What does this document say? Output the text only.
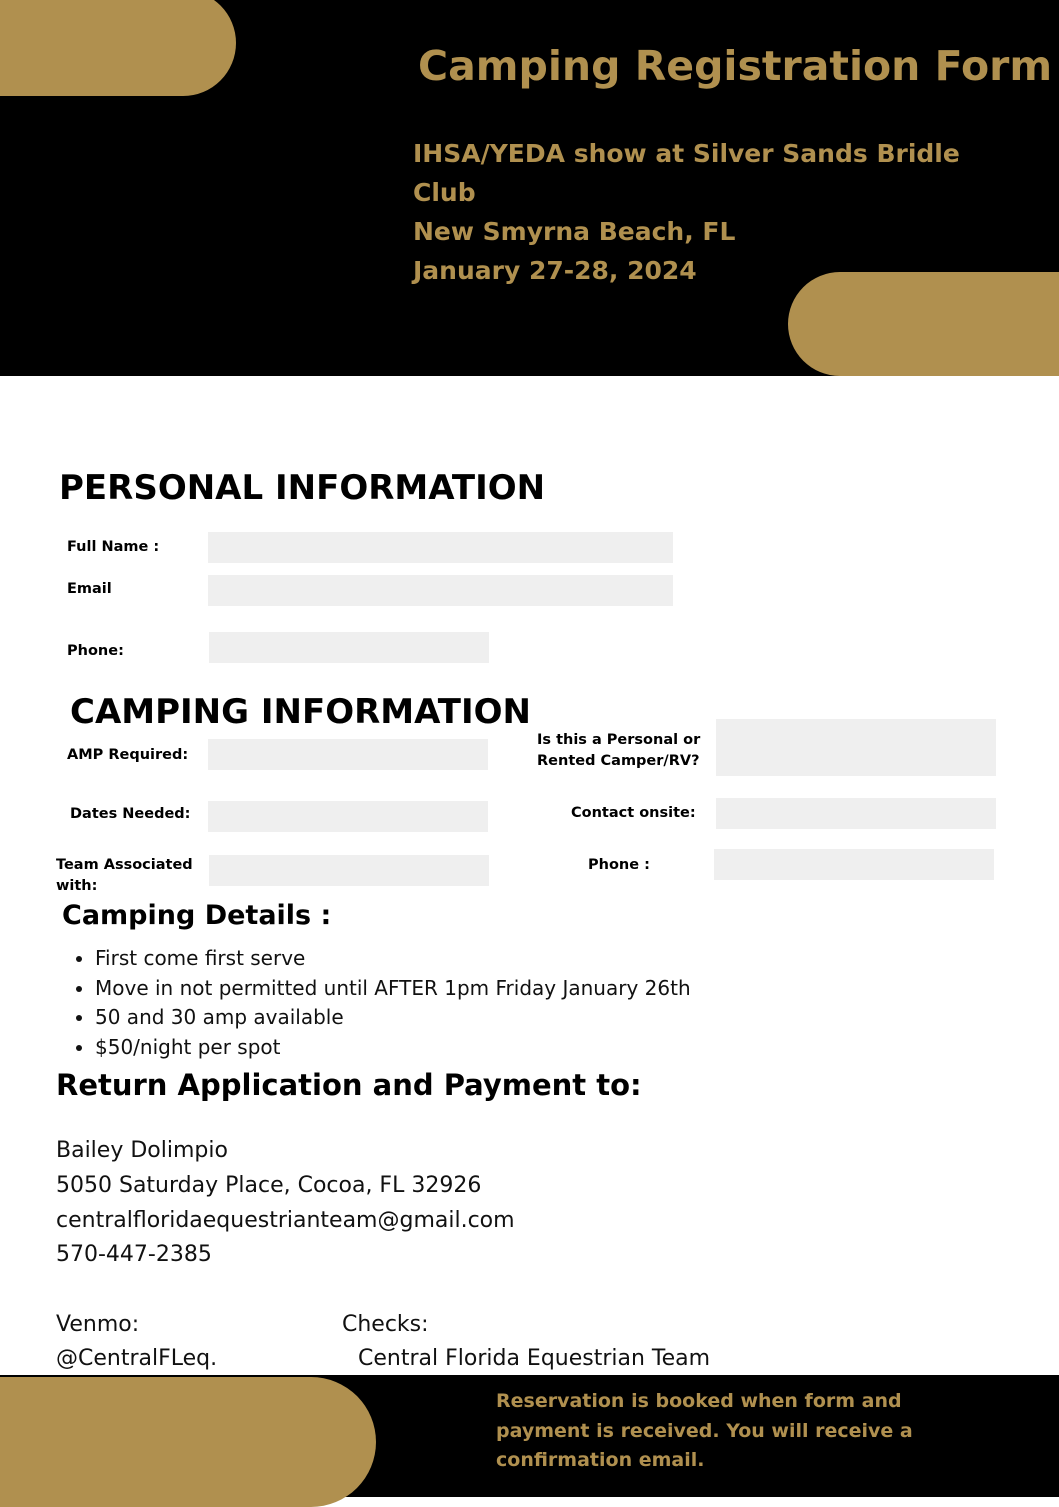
Camping Registration Form
IHSA/YEDA show at Silver Sands Bridle
Club
New Smyrna Beach, FL
January 27-28, 2024
PERSONAL INFORMATION
Full Name :
Email
Phone:
CAMPING INFORMATION
AMP Required:
Dates Needed:
Team Associated
with:
Is this a Personal or
Rented Camper/RV?
Contact onsite:
Phone :
Camping Details :
• First come first serve
• Move in not permitted until AFTER 1pm Friday January 26th
• 50 and 30 amp available
• $50/night per spot
Return Application and Payment to:
Bailey Dolimpio
5050 Saturday Place, Cocoa, FL 32926
centralfloridaequestrianteam@gmail.com
570-447-2385
Venmo:
@CentralFLeq.
Checks:
Central Florida Equestrian Team
Reservation is booked when form and
payment is received. You will receive a
confirmation email.
